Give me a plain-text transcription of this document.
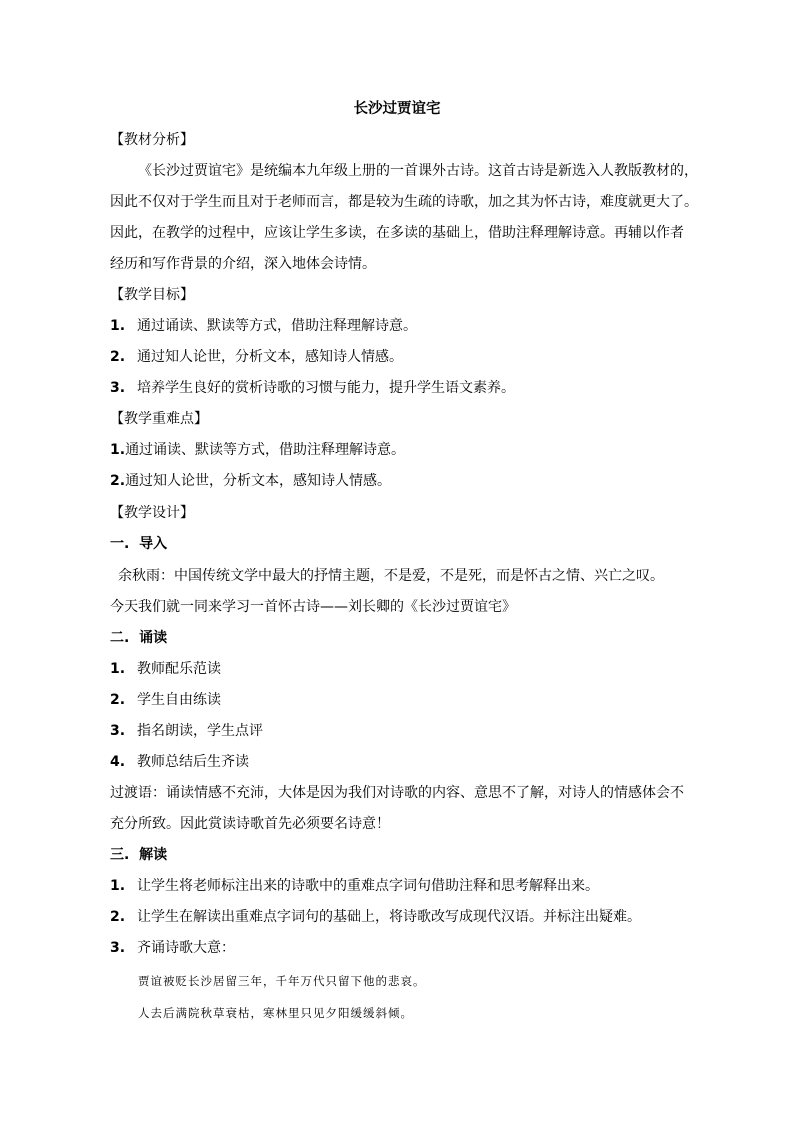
长沙过贾谊宅
【教材分析】
《长沙过贾谊宅》是统编本九年级上册的一首课外古诗。这首古诗是新选入人教版教材的，
因此不仅对于学生而且对于老师而言，都是较为生疏的诗歌，加之其为怀古诗，难度就更大了。
因此，在教学的过程中，应该让学生多读，在多读的基础上，借助注释理解诗意。再辅以作者
经历和写作背景的介绍，深入地体会诗情。
【教学目标】
1. 通过诵读、默读等方式，借助注释理解诗意。
2. 通过知人论世，分析文本，感知诗人情感。
3. 培养学生良好的赏析诗歌的习惯与能力，提升学生语文素养。
【教学重难点】
1.通过诵读、默读等方式，借助注释理解诗意。
2.通过知人论世，分析文本，感知诗人情感。
【教学设计】
一. 导入
余秋雨：中国传统文学中最大的抒情主题，不是爱，不是死，而是怀古之情、兴亡之叹。
今天我们就一同来学习一首怀古诗——刘长卿的《长沙过贾谊宅》
二. 诵读
1. 教师配乐范读
2. 学生自由练读
3. 指名朗读，学生点评
4. 教师总结后生齐读
过渡语：诵读情感不充沛，大体是因为我们对诗歌的内容、意思不了解，对诗人的情感体会不
充分所致。因此赏读诗歌首先必须要名诗意！
三. 解读
1. 让学生将老师标注出来的诗歌中的重难点字词句借助注释和思考解释出来。
2. 让学生在解读出重难点字词句的基础上，将诗歌改写成现代汉语。并标注出疑难。
3. 齐诵诗歌大意：
贾谊被贬长沙居留三年，千年万代只留下他的悲哀。
人去后满院秋草衰枯，寒林里只见夕阳缓缓斜倾。
